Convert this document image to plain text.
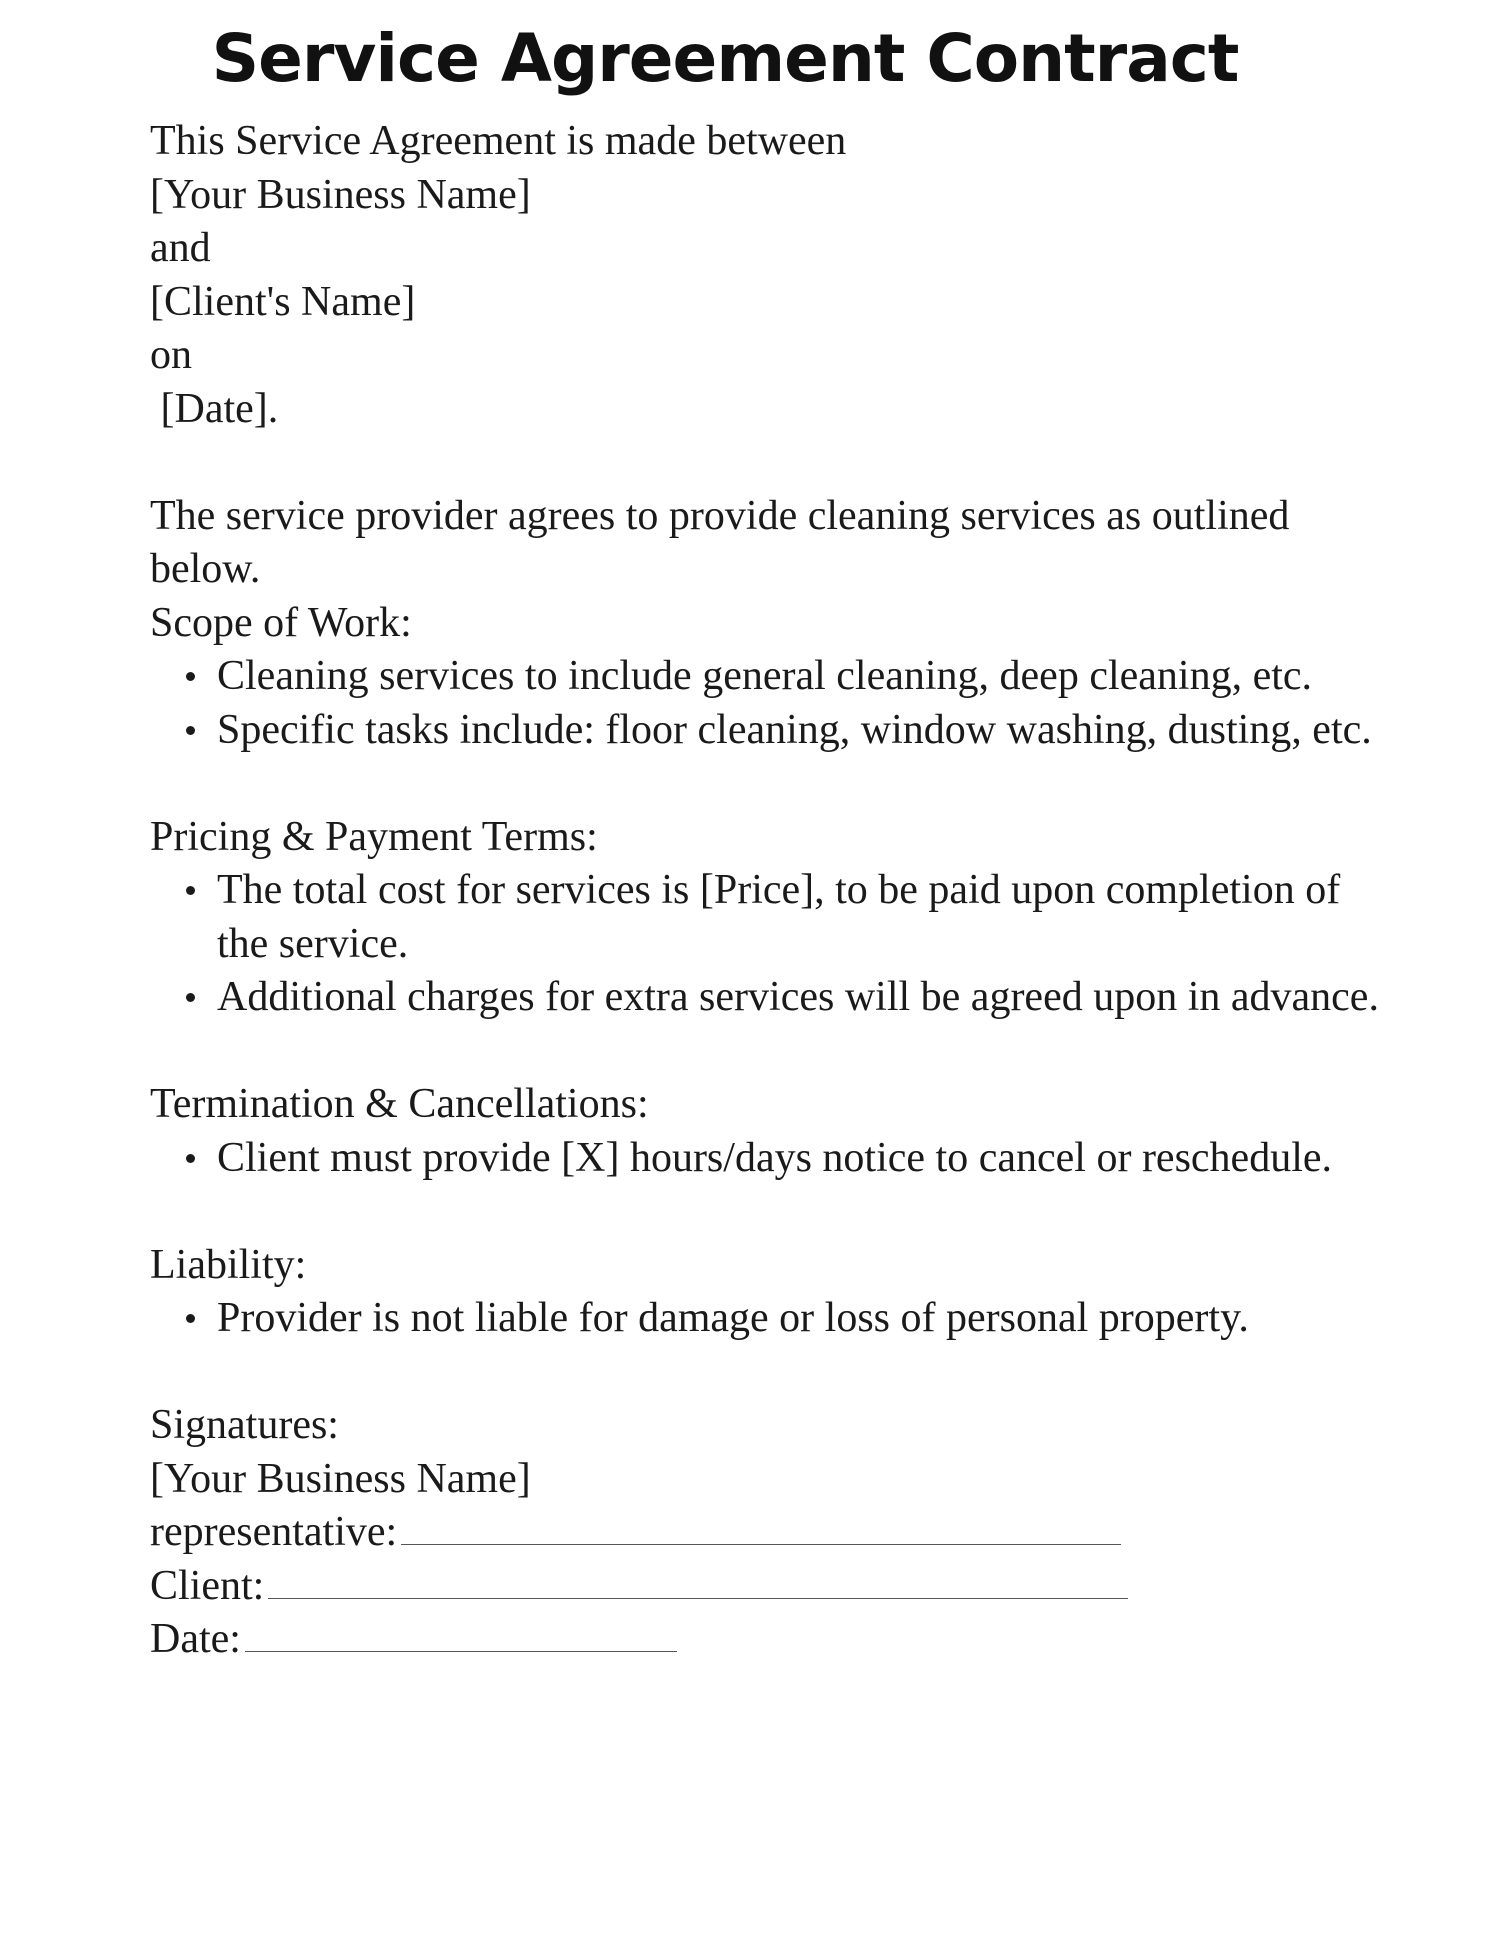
Service Agreement Contract
This Service Agreement is made between
[Your Business Name]
and
[Client's Name]
on
[Date].
The service provider agrees to provide cleaning services as outlined below.
Scope of Work:
Cleaning services to include general cleaning, deep cleaning, etc.
Specific tasks include: floor cleaning, window washing, dusting, etc.
Pricing & Payment Terms:
The total cost for services is [Price], to be paid upon completion of the service.
Additional charges for extra services will be agreed upon in advance.
Termination & Cancellations:
Client must provide [X] hours/days notice to cancel or reschedule.
Liability:
Provider is not liable for damage or loss of personal property.
Signatures:
[Your Business Name]
representative:
Client:
Date:
